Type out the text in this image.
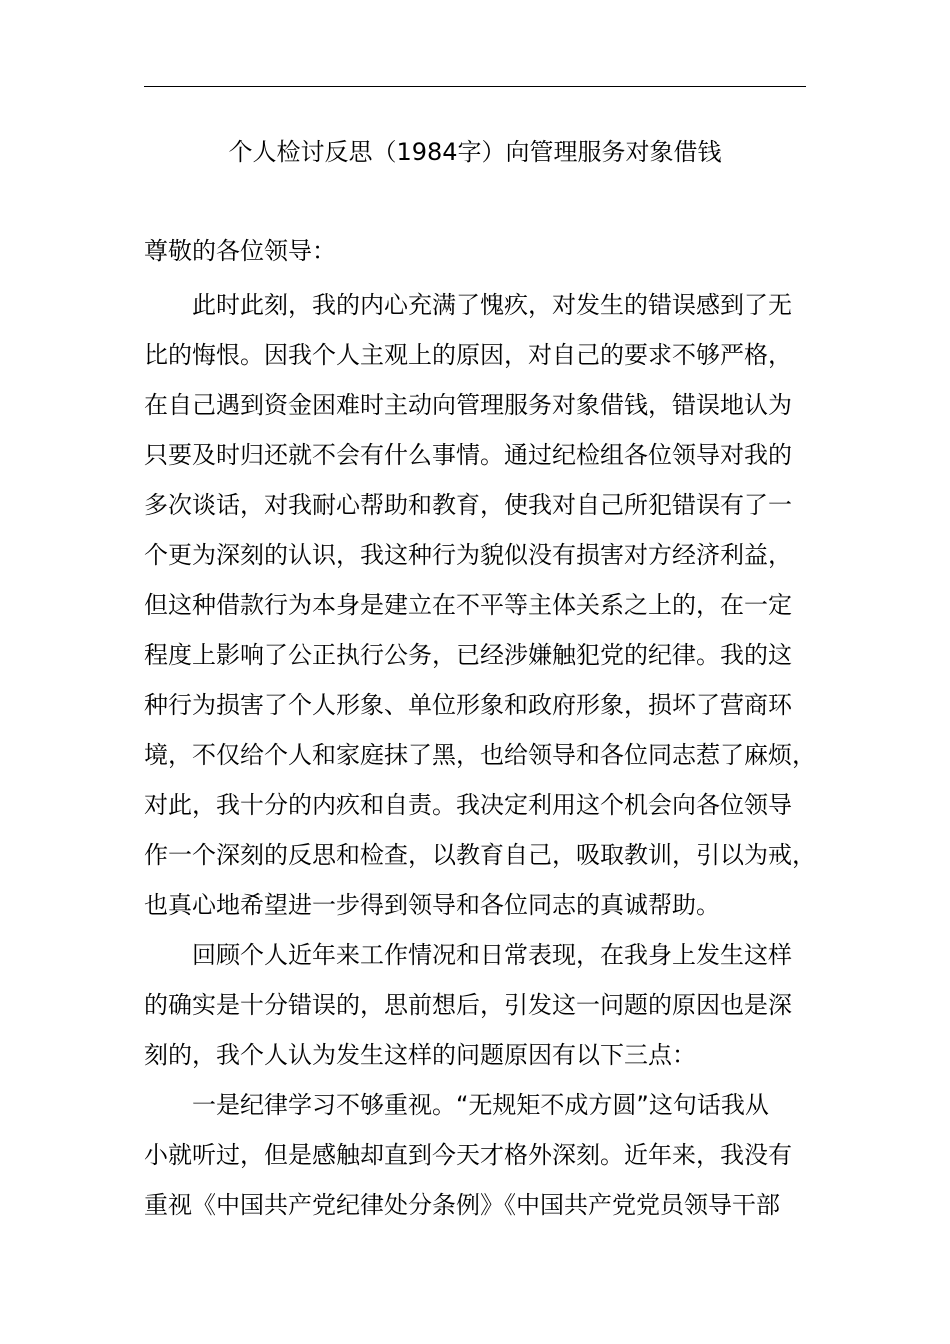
个人检讨反思（1984字）向管理服务对象借钱
尊敬的各位领导：
此时此刻，我的内心充满了愧疚，对发生的错误感到了无
比的悔恨。因我个人主观上的原因，对自己的要求不够严格，
在自己遇到资金困难时主动向管理服务对象借钱，错误地认为
只要及时归还就不会有什么事情。通过纪检组各位领导对我的
多次谈话，对我耐心帮助和教育，使我对自己所犯错误有了一
个更为深刻的认识，我这种行为貌似没有损害对方经济利益，
但这种借款行为本身是建立在不平等主体关系之上的，在一定
程度上影响了公正执行公务，已经涉嫌触犯党的纪律。我的这
种行为损害了个人形象、单位形象和政府形象，损坏了营商环
境，不仅给个人和家庭抹了黑，也给领导和各位同志惹了麻烦，
对此，我十分的内疚和自责。我决定利用这个机会向各位领导
作一个深刻的反思和检查，以教育自己，吸取教训，引以为戒，
也真心地希望进一步得到领导和各位同志的真诚帮助。
回顾个人近年来工作情况和日常表现，在我身上发生这样
的确实是十分错误的，思前想后，引发这一问题的原因也是深
刻的，我个人认为发生这样的问题原因有以下三点：
一是纪律学习不够重视。“无规矩不成方圆”这句话我从
小就听过，但是感触却直到今天才格外深刻。近年来，我没有
重视《中国共产党纪律处分条例》《中国共产党党员领导干部
